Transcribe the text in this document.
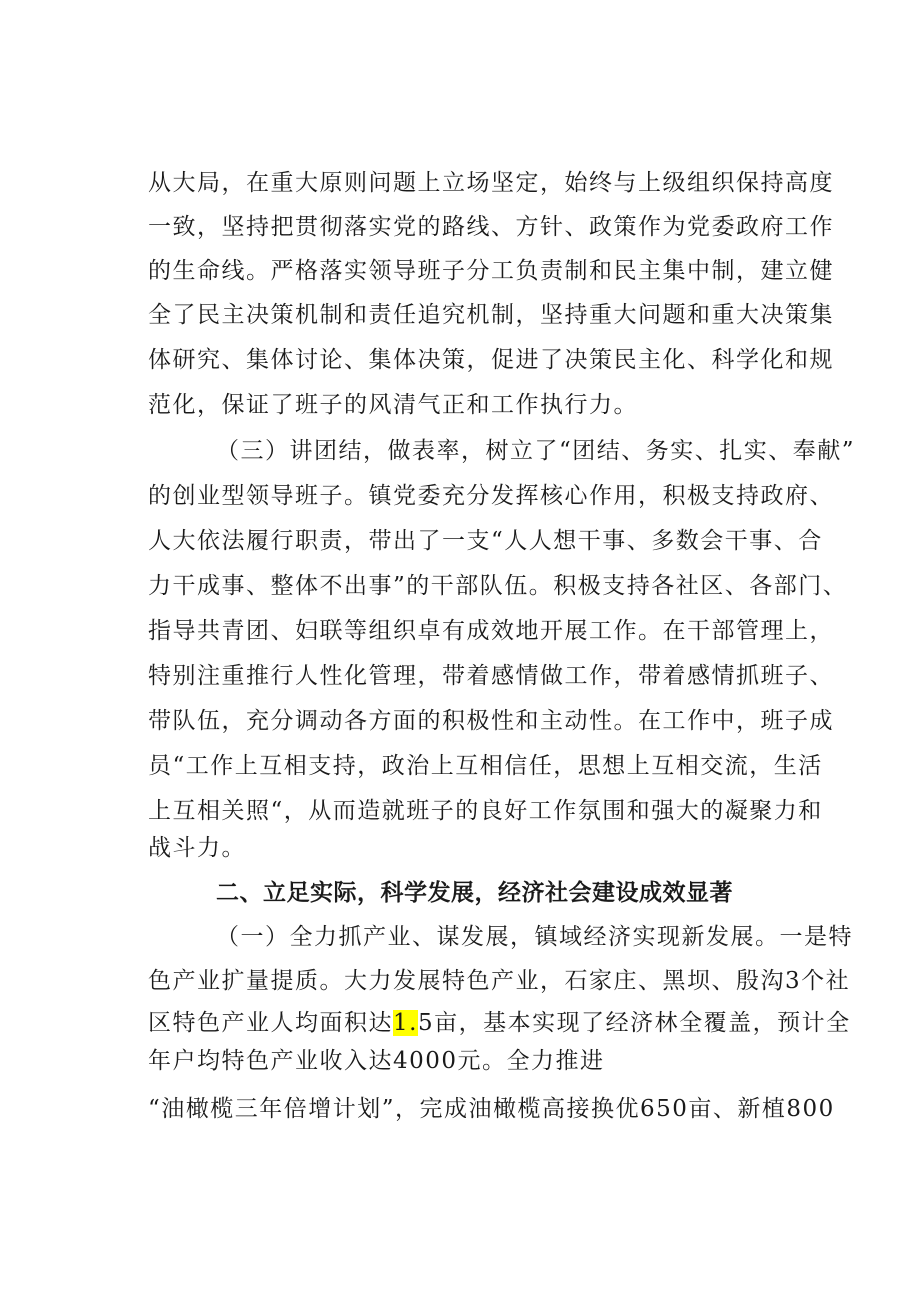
从大局，在重大原则问题上立场坚定，始终与上级组织保持高度
一致，坚持把贯彻落实党的路线、方针、政策作为党委政府工作
的生命线。严格落实领导班子分工负责制和民主集中制，建立健
全了民主决策机制和责任追究机制，坚持重大问题和重大决策集
体研究、集体讨论、集体决策，促进了决策民主化、科学化和规
范化，保证了班子的风清气正和工作执行力。
（三）讲团结，做表率，树立了“团结、务实、扎实、奉献”
的创业型领导班子。镇党委充分发挥核心作用，积极支持政府、
人大依法履行职责，带出了一支“人人想干事、多数会干事、合
力干成事、整体不出事”的干部队伍。积极支持各社区、各部门、
指导共青团、妇联等组织卓有成效地开展工作。在干部管理上，
特别注重推行人性化管理，带着感情做工作，带着感情抓班子、
带队伍，充分调动各方面的积极性和主动性。在工作中，班子成
员“工作上互相支持，政治上互相信任，思想上互相交流，生活
上互相关照“，从而造就班子的良好工作氛围和强大的凝聚力和
战斗力。
二、立足实际，科学发展，经济社会建设成效显著
（一）全力抓产业、谋发展，镇域经济实现新发展。一是特
色产业扩量提质。大力发展特色产业，石家庄、黑坝、殷沟3个社
区特色产业人均面积达1.5亩，基本实现了经济林全覆盖，预计全
年户均特色产业收入达4000元。全力推进
“油橄榄三年倍增计划”，完成油橄榄高接换优650亩、新植800
